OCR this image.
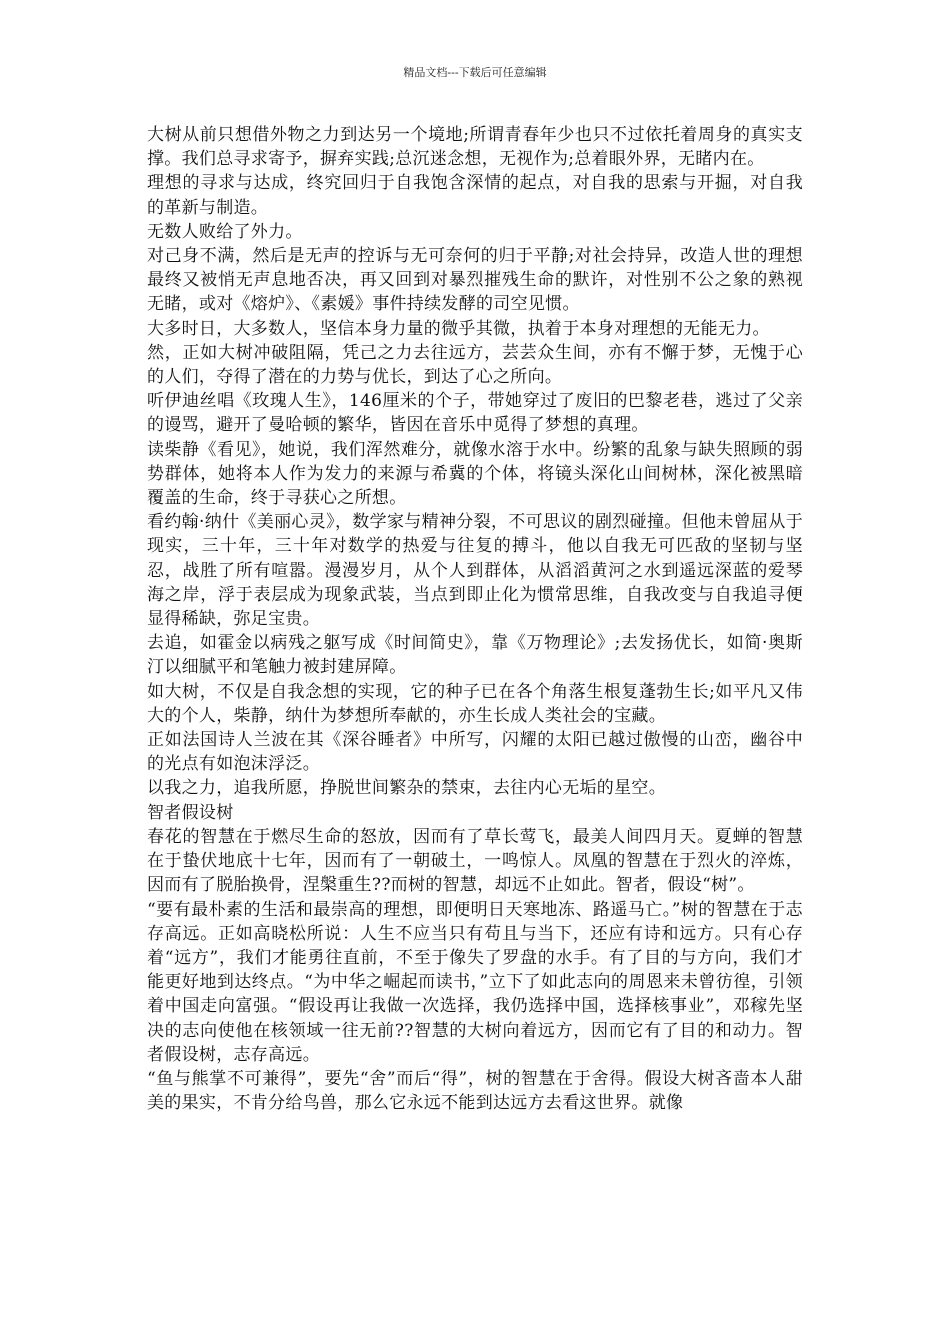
精品文档---下载后可任意编辑

大树从前只想借外物之力到达另一个境地;所谓青春年少也只不过依托着周身的真实支撑。我们总寻求寄予，摒弃实践;总沉迷念想，无视作为;总着眼外界，无睹内在。

理想的寻求与达成，终究回归于自我饱含深情的起点，对自我的思索与开掘，对自我的革新与制造。

无数人败给了外力。

对己身不满，然后是无声的控诉与无可奈何的归于平静;对社会持异，改造人世的理想最终又被悄无声息地否决，再又回到对暴烈摧残生命的默许，对性别不公之象的熟视无睹，或对《熔炉》、《素媛》事件持续发酵的司空见惯。

大多时日，大多数人，坚信本身力量的微乎其微，执着于本身对理想的无能无力。

然，正如大树冲破阻隔，凭己之力去往远方，芸芸众生间，亦有不懈于梦，无愧于心的人们，夺得了潜在的力势与优长，到达了心之所向。

听伊迪丝唱《玫瑰人生》，146厘米的个子，带她穿过了废旧的巴黎老巷，逃过了父亲的谩骂，避开了曼哈顿的繁华，皆因在音乐中觅得了梦想的真理。

读柴静《看见》，她说，我们浑然难分，就像水溶于水中。纷繁的乱象与缺失照顾的弱势群体，她将本人作为发力的来源与希冀的个体，将镜头深化山间树林，深化被黑暗覆盖的生命，终于寻获心之所想。

看约翰·纳什《美丽心灵》，数学家与精神分裂，不可思议的剧烈碰撞。但他未曾屈从于现实，三十年，三十年对数学的热爱与往复的搏斗，他以自我无可匹敌的坚韧与坚忍，战胜了所有喧嚣。漫漫岁月，从个人到群体，从滔滔黄河之水到遥远深蓝的爱琴海之岸，浮于表层成为现象武装，当点到即止化为惯常思维，自我改变与自我追寻便显得稀缺，弥足宝贵。

去追，如霍金以病残之躯写成《时间简史》，靠《万物理论》;去发扬优长，如简·奥斯汀以细腻平和笔触力被封建屏障。

如大树，不仅是自我念想的实现，它的种子已在各个角落生根复蓬勃生长;如平凡又伟大的个人，柴静，纳什为梦想所奉献的，亦生长成人类社会的宝藏。

正如法国诗人兰波在其《深谷睡者》中所写，闪耀的太阳已越过傲慢的山峦，幽谷中的光点有如泡沫浮泛。

以我之力，追我所愿，挣脱世间繁杂的禁束，去往内心无垢的星空。

智者假设树

春花的智慧在于燃尽生命的怒放，因而有了草长莺飞，最美人间四月天。夏蝉的智慧在于蛰伏地底十七年，因而有了一朝破土，一鸣惊人。凤凰的智慧在于烈火的淬炼，因而有了脱胎换骨，涅槃重生??而树的智慧，却远不止如此。智者，假设“树”。

“要有最朴素的生活和最崇高的理想，即便明日天寒地冻、路遥马亡。”树的智慧在于志存高远。正如高晓松所说：人生不应当只有苟且与当下，还应有诗和远方。只有心存着“远方”，我们才能勇往直前，不至于像失了罗盘的水手。有了目的与方向，我们才能更好地到达终点。“为中华之崛起而读书，”立下了如此志向的周恩来未曾彷徨，引领着中国走向富强。“假设再让我做一次选择，我仍选择中国，选择核事业”，邓稼先坚决的志向使他在核领域一往无前??智慧的大树向着远方，因而它有了目的和动力。智者假设树，志存高远。

“鱼与熊掌不可兼得”，要先“舍”而后“得”，树的智慧在于舍得。假设大树吝啬本人甜美的果实，不肯分给鸟兽，那么它永远不能到达远方去看这世界。就像
